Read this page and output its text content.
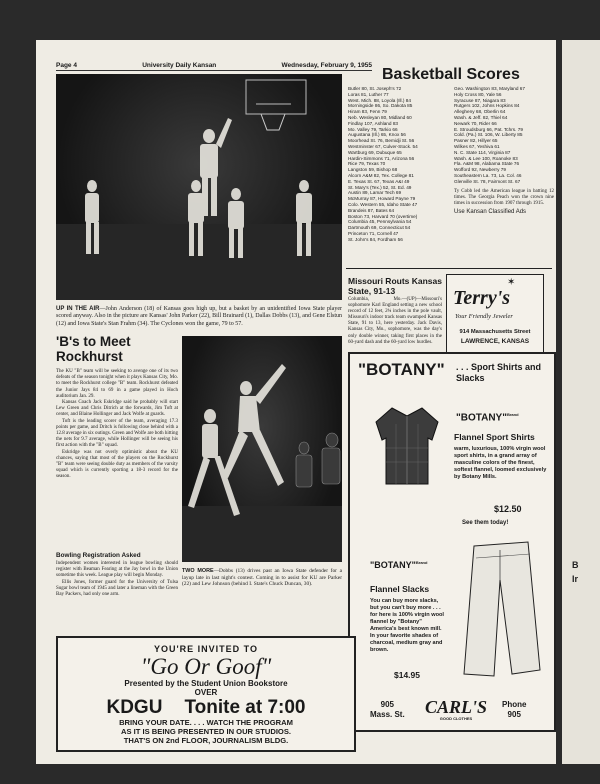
Page 4	University Daily Kansan	Wednesday, February 9, 1955
UP IN THE AIR—John Anderson (18) of Kansas goes high up, but a basket by an unidentified Iowa State player scored anyway. Also in the picture are Kansas' John Parker (22), Bill Brainard (1), Dallas Dobbs (13), and Gene Elstun (12) and Iowa State's Stan Frahm (34). The Cyclones won the game, 79 to 57.
Basketball Scores
Butler 80, St. Joseph's 72
Loras 81, Luther 77
West. Mich. 88, Loyola (Ill.) 84
Morningside 86, So. Dakota 85
Hiram 83, Fenn 79
Neb. Wesleyan 80, Midland 60
Findlay 107, Ashland 83
Mo. Valley 79, Tarkio 66
Augustana (Ill.) 65, Knox 56
Moorhead St. 76, Bemidji St. 56
Westminster 67, Culver-Stock. 54
Wartburg 69, Dubuque 65
Hardin-Simmons 71, Arizona 56
Rice 79, Texas 70
Langston 59, Bishop 68
Alcorn A&M 82, Tex. College 81
E. Texas St. 67, Texas A&I 49
St. Mary's (Tex.) 52, St. Ed. 49
Austin 89, Lamar Tech 69
McMurray 87, Howard Payne 79
Colo. Western 55, Idaho State 47
Brandeis 87, Bates 64
Boston 73, Harvard 70 (overtime)
Columbia 45, Pennsylvania 54
Dartmouth 69, Connecticut 54
Princeton 71, Cornell 47
St. John's 84, Fordham 56
Geo. Washington 83, Maryland 67
Holy Cross 80, Yale 56
Syracuse 87, Niagara 83
Rutgers 102, Johns Hopkins 84
Allegheny 68, Oberlin 64
Wash. & Jeff. 82, Thiel 64
Newark 70, Rider 66
E. Stroudsburg 66, Pat. Tchrs. 79
Cold. (Pa.) St. 106, W. Liberty 85
Pasner 82, Hillyer 65
Wilkes 67, Yeshiva 61
N. C. State 114, Virginia 87
Wash. & Lee 100, Roanoke 83
Fla. A&M 98, Alabama State 76
Wofford 92, Newberry 79
Southeastern La. 73, La. Col. 46
Glenville St. 78, Fairmont St. 67
Ty Cobb led the American league in batting 12 times. The Georgia Peach won the crown nine times in succession from 1907 through 1915.
Use Kansan Classified Ads
Missouri Routs Kansas State, 91-13
Columbia, Mo.—(UP)—Missouri's sophomore Karl England setting a new school record of 12 feet, 2¾ inches in the pole vault, Missouri's indoor track team swamped Kansas State, 91 to 13, here yesterday. Jack Davis, Kansas City, Mo., sophomore, was the day's only double winner, taking first places in the 60-yard dash and the 60-yard low hurdles.
✶
Terry's
Your Friendly Jeweler
914 Massachusetts Street
LAWRENCE, KANSAS
"BOTANY" . . . Sport Shirts and Slacks
"BOTANY"$^{Brand}$
Flannel Sport Shirts
warm, luxurious, 100% virgin wool sport shirts, in a grand array of masculine colors of the finest, softest flannel, loomed exclusively by Botany Mills.
$12.50
See them today!
"BOTANY"$^{Brand}$
Flannel Slacks
You can buy more slacks, but you can't buy more . . . for here is 100% virgin wool flannel by "Botany" America's best known mill. In your favorite shades of charcoal, medium gray and brown.
$14.95
905
Mass. St.	CARL'S
GOOD CLOTHES
Phone
905
'B's to Meet Rockhurst
The KU "B" team will be seeking to avenge one of its two defeats of the season tonight when it plays Kansas City, Mo. to meet the Rockhurst college "B" team. Rockhurst defeated the Junior Jays 84 to 69 in a game played in Hoch auditorium Jan. 29.
Kansas Coach Jack Eskridge said he probably will start Lew Green and Chris Ditrich at the forwards, Jim Toft at center, and Blaine Hollinger and Jack Wolfe at guards.
Toft is the leading scorer of the team, averaging 17.3 points per game, and Dritch is following close behind with a 12.8 average in six outings. Green and Wolfe are both hitting the nets for 9.7 average, while Hollinger will be seeing his first action with the "B" squad.
Eskridge was not overly optimistic about the KU chances, saying that most of the players on the Rockhurst "B" team were seeing double duty as members of the varsity squad which is currently sporting a 18-3 record for the season.
Bowling Registration Asked
Independent women interested in league bowling should register with Beaman Fearing at the Jay bowl in the Union sometime this week. League play will begin Monday.
Ellis Jones, former guard for the University of Tulsa Sugar bowl team of 1945 and later a lineman with the Green Bay Packers, had only one arm.
TWO MORE—Dobbs (13) drives past an Iowa State defender for a layup late in last night's contest. Coming in to assist for KU are Parker (22) and Lew Johnson (behind I. State's Chuck Duncan, 30).
YOU'RE INVITED TO
"Go Or Goof"
Presented by the Student Union Bookstore
OVER
KDGU Tonite at 7:00
BRING YOUR DATE. . . . WATCH THE PROGRAM
AS IT IS BEING PRESENTED IN OUR STUDIOS.
THAT'S ON 2nd FLOOR, JOURNALISM BLDG.
B
Ir
